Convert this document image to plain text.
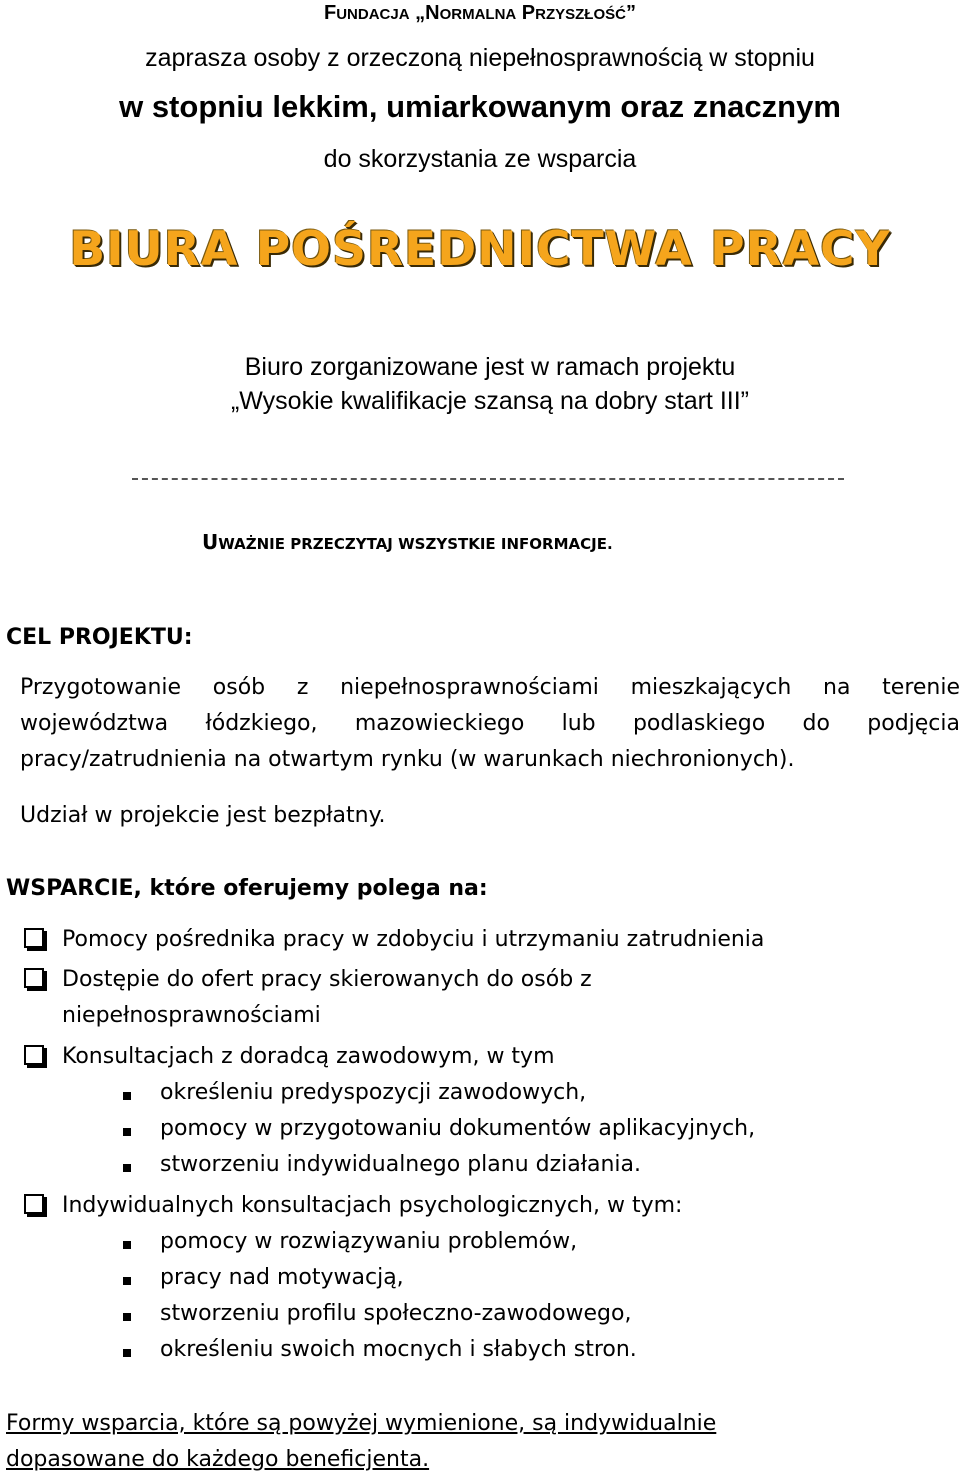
FUNDACJA „NORMALNA PRZYSZŁOŚĆ”
zaprasza osoby z orzeczoną niepełnosprawnością w stopniu
w stopniu lekkim, umiarkowanym oraz znacznym
do skorzystania ze wsparcia
BIURA POŚREDNICTWA PRACY
Biuro zorganizowane jest w ramach projektu
„Wysokie kwalifikacje szansą na dobry start III”
UWAŻNIE PRZECZYTAJ WSZYSTKIE INFORMACJE.
CEL PROJEKTU:
Przygotowanie osób z niepełnosprawnościami mieszkających na terenie
województwa łódzkiego, mazowieckiego lub podlaskiego do podjęcia
pracy/zatrudnienia na otwartym rynku (w warunkach niechronionych).
Udział w projekcie jest bezpłatny.
WSPARCIE, które oferujemy polega na:
Pomocy pośrednika pracy w zdobyciu i utrzymaniu zatrudnienia
Dostępie do ofert pracy skierowanych do osób z
niepełnosprawnościami
Konsultacjach z doradcą zawodowym, w tym
określeniu predyspozycji zawodowych,
pomocy w przygotowaniu dokumentów aplikacyjnych,
stworzeniu indywidualnego planu działania.
Indywidualnych konsultacjach psychologicznych, w tym:
pomocy w rozwiązywaniu problemów,
pracy nad motywacją,
stworzeniu profilu społeczno-zawodowego,
określeniu swoich mocnych i słabych stron.
Formy wsparcia, które są powyżej wymienione, są indywidualnie
dopasowane do każdego beneficjenta.
